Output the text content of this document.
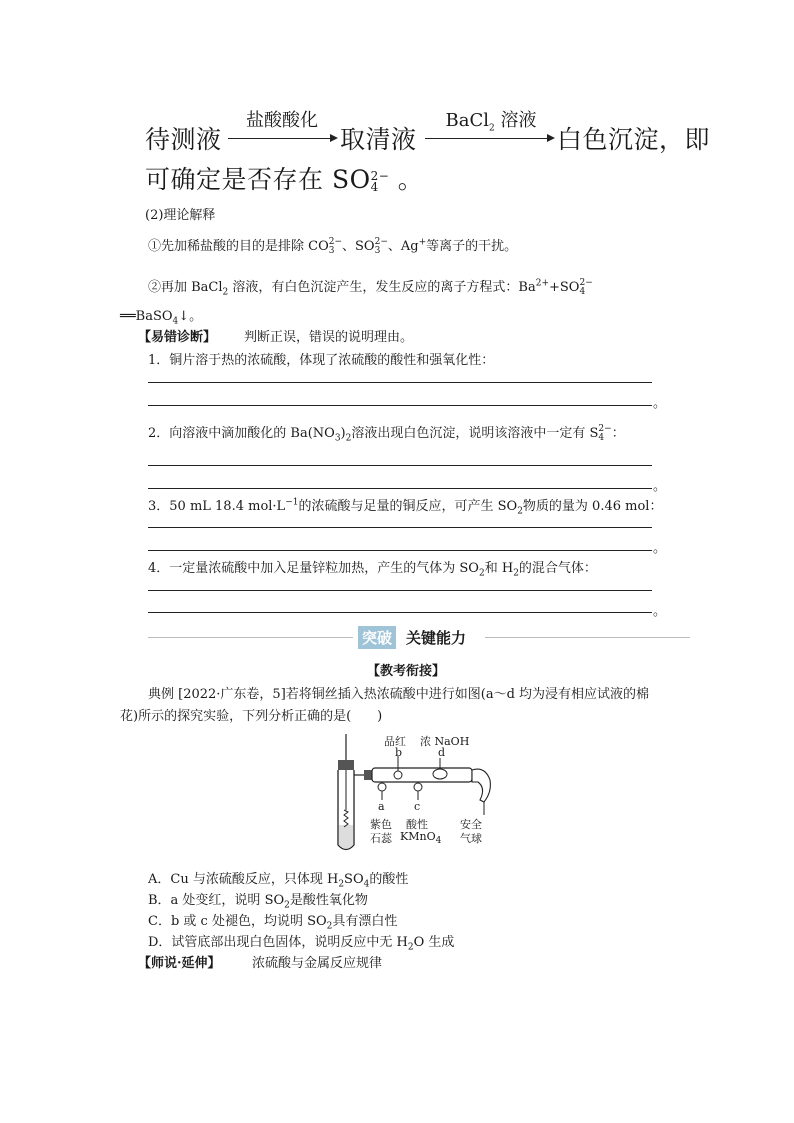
待测液
盐酸酸化
取清液
BaCl$_2$ 溶液
白色沉淀，即
可确定是否存在 SO 2−
4 。
(2)理论解释
①先加稀盐酸的目的是排除 CO 2−
3 、SO 2−
3 、Ag+等离子的干扰。
②再加 BaCl$_2$ 溶液，有白色沉淀产生，发生反应的离子方程式：$Ba^{2+}+SO$ 2−
4
══BaSO$_4$↓。
【易错诊断】 判断正误，错误的说明理由。
1．铜片溶于热的浓硫酸，体现了浓硫酸的酸性和强氧化性：
。
2．向溶液中滴加酸化的 $Ba(NO_3)_2$溶液出现白色沉淀，说明该溶液中一定有 S 2−
4 ：
。
3．50 mL 18.4 $mol\cdot L^{-1}$的浓硫酸与足量的铜反应，可产生 $SO_2$物质的量为 0.46 mol：
。
4．一定量浓硫酸中加入足量锌粒加热，产生的气体为 $SO_2$和 $H_2$的混合气体：
。
突破 关键能力
【教考衔接】
典例 [2022·广东卷，5]若将铜丝插入热浓硫酸中进行如图(a～d 均为浸有相应试液的棉
花)所示的探究实验，下列分析正确的是(　　)
品红 浓 NaOH
b	d
a	c
紫色
石蕊
酸性
KMnO$_4$
安全
气球
A．Cu 与浓硫酸反应，只体现 $H_2SO_4$的酸性
B．a 处变红，说明 $SO_2$是酸性氧化物
C．b 或 c 处褪色，均说明 $SO_2$具有漂白性
D．试管底部出现白色固体，说明反应中无 $H_2O$ 生成
【师说·延伸】 浓硫酸与金属反应规律
